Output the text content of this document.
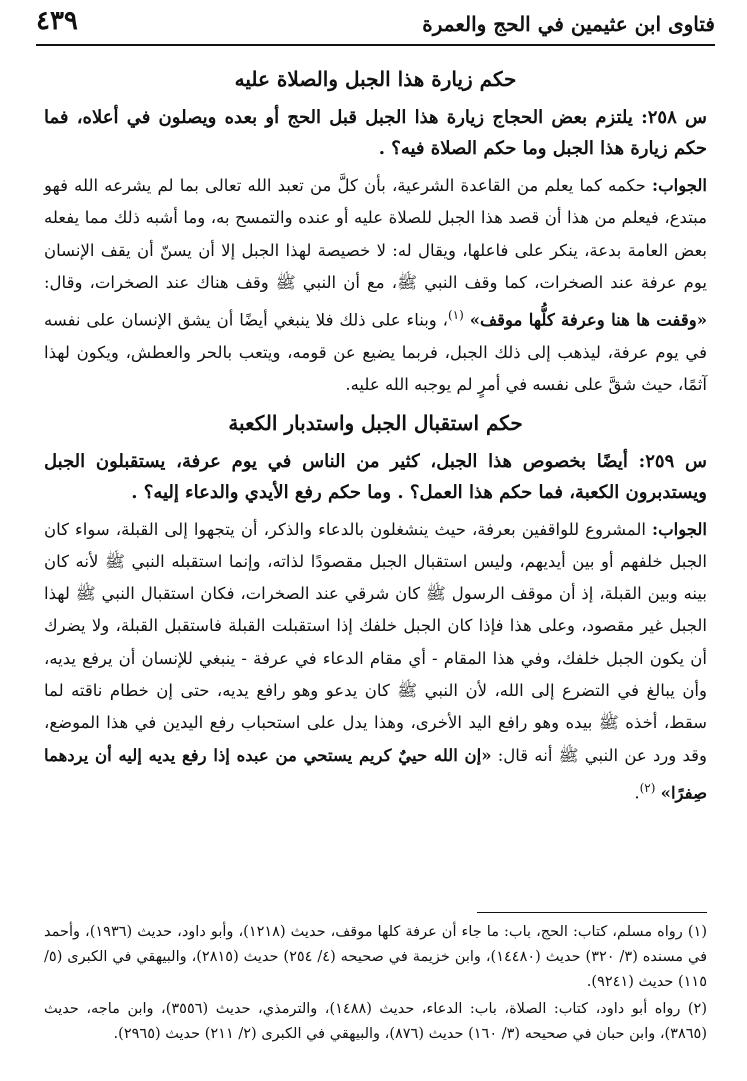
فتاوى ابن عثيمين في الحج والعمرة
٤٣٩
حكم زيارة هذا الجبل والصلاة عليه

س ٢٥٨: يلتزم بعض الحجاج زيارة هذا الجبل قبل الحج أو بعده ويصلون في أعلاه، فما حكم زيارة هذا الجبل وما حكم الصلاة فيه؟ .

الجواب: حكمه كما يعلم من القاعدة الشرعية، بأن كلَّ من تعبد الله تعالى بما لم يشرعه الله فهو مبتدع، فيعلم من هذا أن قصد هذا الجبل للصلاة عليه أو عنده والتمسح به، وما أشبه ذلك مما يفعله بعض العامة بدعة، ينكر على فاعلها، ويقال له: لا خصيصة لهذا الجبل إلا أن يسنّ أن يقف الإنسان يوم عرفة عند الصخرات، كما وقف النبي ﷺ، مع أن النبي ﷺ وقف هناك عند الصخرات، وقال: «وقفت ها هنا وعرفة كلُّها موقف» $^{(١)}$، وبناء على ذلك فلا ينبغي أيضًا أن يشق الإنسان على نفسه في يوم عرفة، ليذهب إلى ذلك الجبل، فربما يضيع عن قومه، ويتعب بالحر والعطش، ويكون لهذا آثمًا، حيث شقَّ على نفسه في أمرٍ لم يوجبه الله عليه.

حكم استقبال الجبل واستدبار الكعبة

س ٢٥٩: أيضًا بخصوص هذا الجبل، كثير من الناس في يوم عرفة، يستقبلون الجبل ويستدبرون الكعبة، فما حكم هذا العمل؟ . وما حكم رفع الأيدي والدعاء إليه؟ .

الجواب: المشروع للواقفين بعرفة، حيث ينشغلون بالدعاء والذكر، أن يتجهوا إلى القبلة، سواء كان الجبل خلفهم أو بين أيديهم، وليس استقبال الجبل مقصودًا لذاته، وإنما استقبله النبي ﷺ لأنه كان بينه وبين القبلة، إذ أن موقف الرسول ﷺ كان شرقي عند الصخرات، فكان استقبال النبي ﷺ لهذا الجبل غير مقصود، وعلى هذا فإذا كان الجبل خلفك إذا استقبلت القبلة فاستقبل القبلة، ولا يضرك أن يكون الجبل خلفك، وفي هذا المقام - أي مقام الدعاء في عرفة - ينبغي للإنسان أن يرفع يديه، وأن يبالغ في التضرع إلى الله، لأن النبي ﷺ كان يدعو وهو رافع يديه، حتى إن خطام ناقته لما سقط، أخذه ﷺ بيده وهو رافع اليد الأخرى، وهذا يدل على استحباب رفع اليدين في هذا الموضع، وقد ورد عن النبي ﷺ أنه قال: «إن الله حييٌ كريم يستحي من عبده إذا رفع يديه إليه أن يردهما صِفرًا» $^{(٢)}$.

(١) رواه مسلم، كتاب: الحج، باب: ما جاء أن عرفة كلها موقف، حديث (١٢١٨)، وأبو داود، حديث (١٩٣٦)، وأحمد في مسنده (٣/ ٣٢٠) حديث (١٤٤٨٠)، وابن خزيمة في صحيحه (٤/ ٢٥٤) حديث (٢٨١٥)، والبيهقي في الكبرى (٥/ ١١٥) حديث (٩٢٤١).

(٢) رواه أبو داود، كتاب: الصلاة، باب: الدعاء، حديث (١٤٨٨)، والترمذي، حديث (٣٥٥٦)، وابن ماجه، حديث (٣٨٦٥)، وابن حبان في صحيحه (٣/ ١٦٠) حديث (٨٧٦)، والبيهقي في الكبرى (٢/ ٢١١) حديث (٢٩٦٥).
